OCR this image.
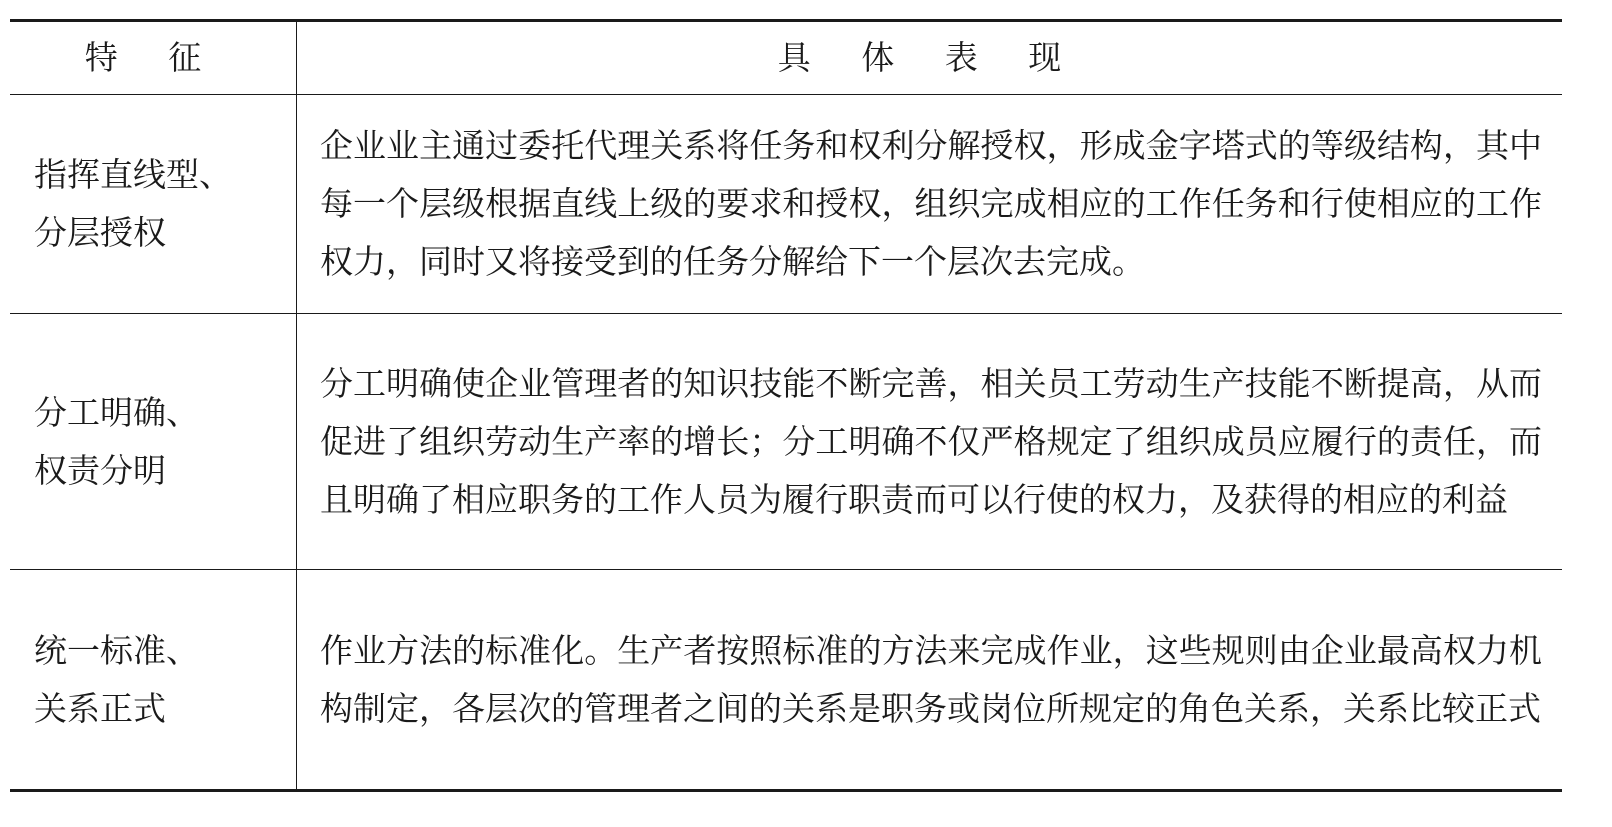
特 征	具 体 表 现
指挥直线型、
分层授权
企业业主通过委托代理关系将任务和权利分解授权，形成金字塔式的等级结构，其中每一个层级根据直线上级的要求和授权，组织完成相应的工作任务和行使相应的工作权力，同时又将接受到的任务分解给下一个层次去完成。
分工明确、
权责分明
分工明确使企业管理者的知识技能不断完善，相关员工劳动生产技能不断提高，从而促进了组织劳动生产率的增长；分工明确不仅严格规定了组织成员应履行的责任，而且明确了相应职务的工作人员为履行职责而可以行使的权力，及获得的相应的利益
统一标准、
关系正式
作业方法的标准化。生产者按照标准的方法来完成作业，这些规则由企业最高权力机构制定，各层次的管理者之间的关系是职务或岗位所规定的角色关系，关系比较正式
